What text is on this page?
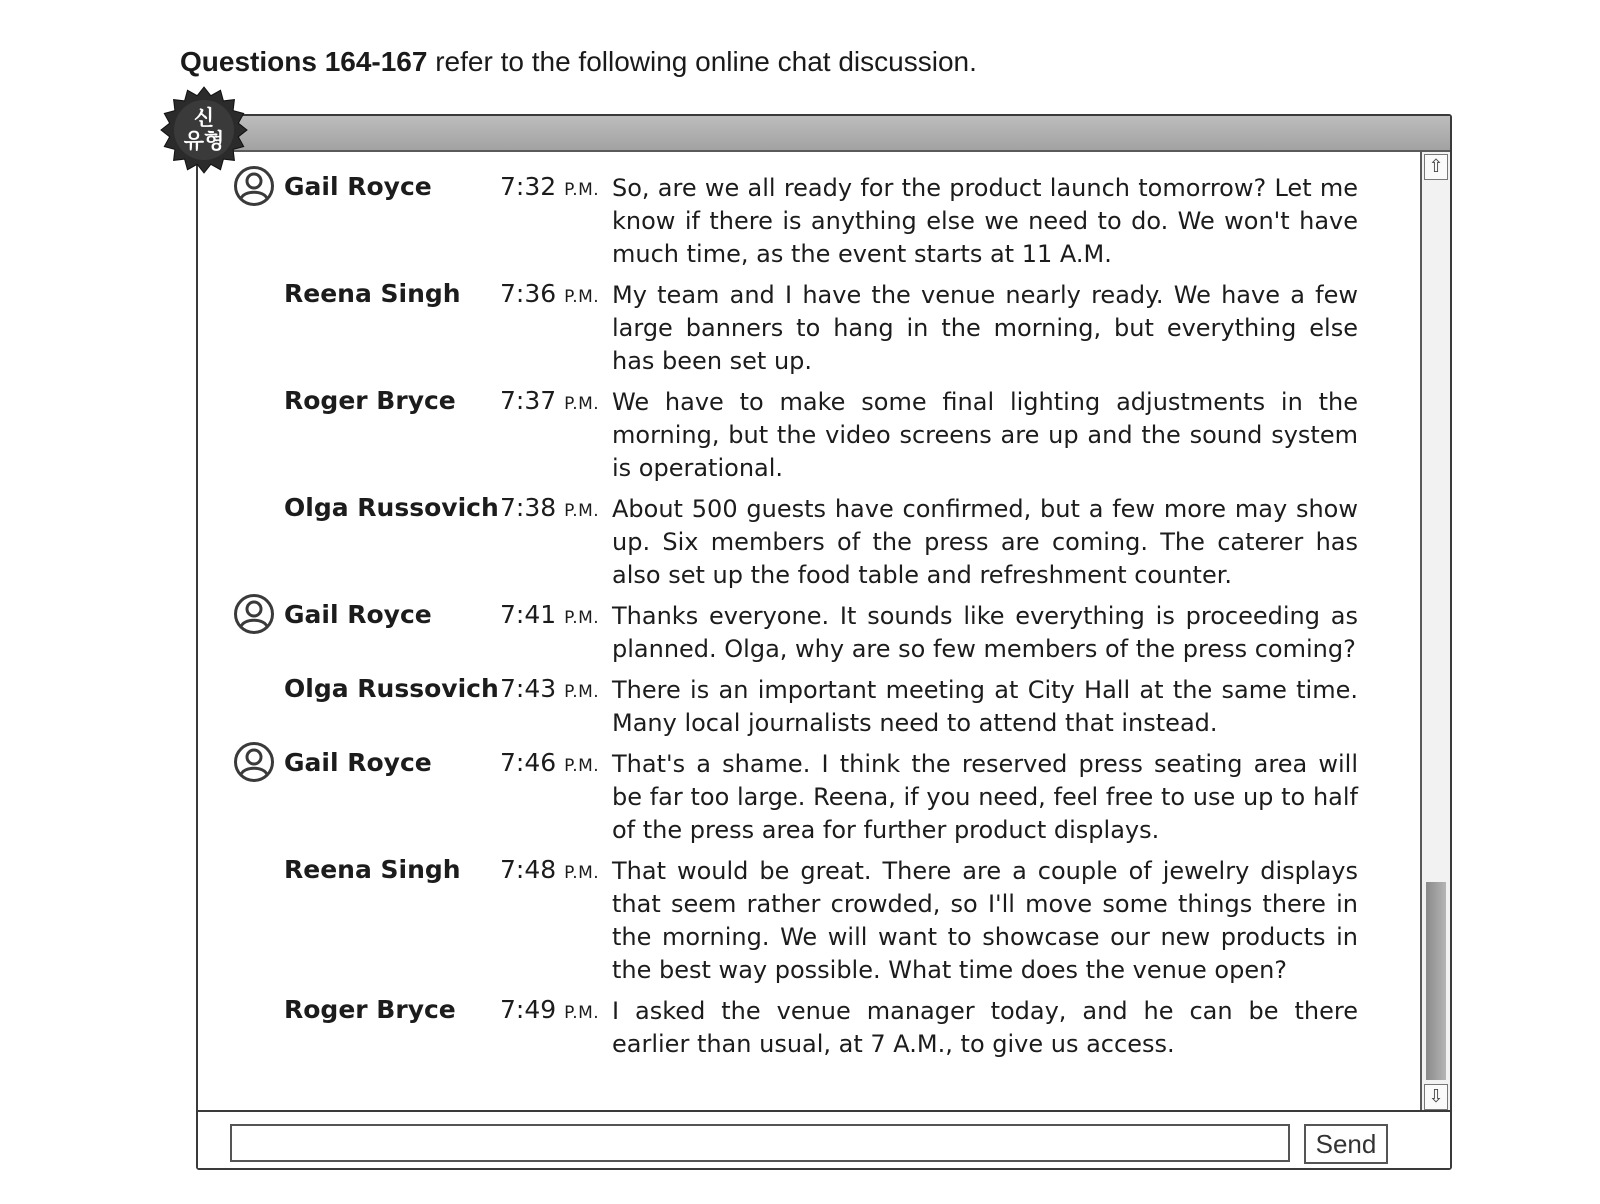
Questions 164-167 refer to the following online chat discussion.
신
유형
Gail Royce	7:32 P.M. So, are we all ready for the product launch tomorrow? Let me know if there is anything else we need to do. We won't have much time, as the event starts at 11 A.M.
Reena Singh 7:36 P.M. My team and I have the venue nearly ready. We have a few large banners to hang in the morning, but everything else has been set up.
Roger Bryce 7:37 P.M. We have to make some final lighting adjustments in the morning, but the video screens are up and the sound system is operational.
Olga Russovich 7:38 P.M. About 500 guests have confirmed, but a few more may show up. Six members of the press are coming. The caterer has also set up the food table and refreshment counter.
Gail Royce	7:41 P.M. Thanks everyone. It sounds like everything is proceeding as planned. Olga, why are so few members of the press coming?
Olga Russovich 7:43 P.M. There is an important meeting at City Hall at the same time. Many local journalists need to attend that instead.
Gail Royce	7:46 P.M. That's a shame. I think the reserved press seating area will be far too large. Reena, if you need, feel free to use up to half of the press area for further product displays.
Reena Singh 7:48 P.M. That would be great. There are a couple of jewelry displays that seem rather crowded, so I'll move some things there in the morning. We will want to showcase our new products in the best way possible. What time does the venue open?
Roger Bryce 7:49 P.M. I asked the venue manager today, and he can be there earlier than usual, at 7 A.M., to give us access.
⇧
⇩
Send
